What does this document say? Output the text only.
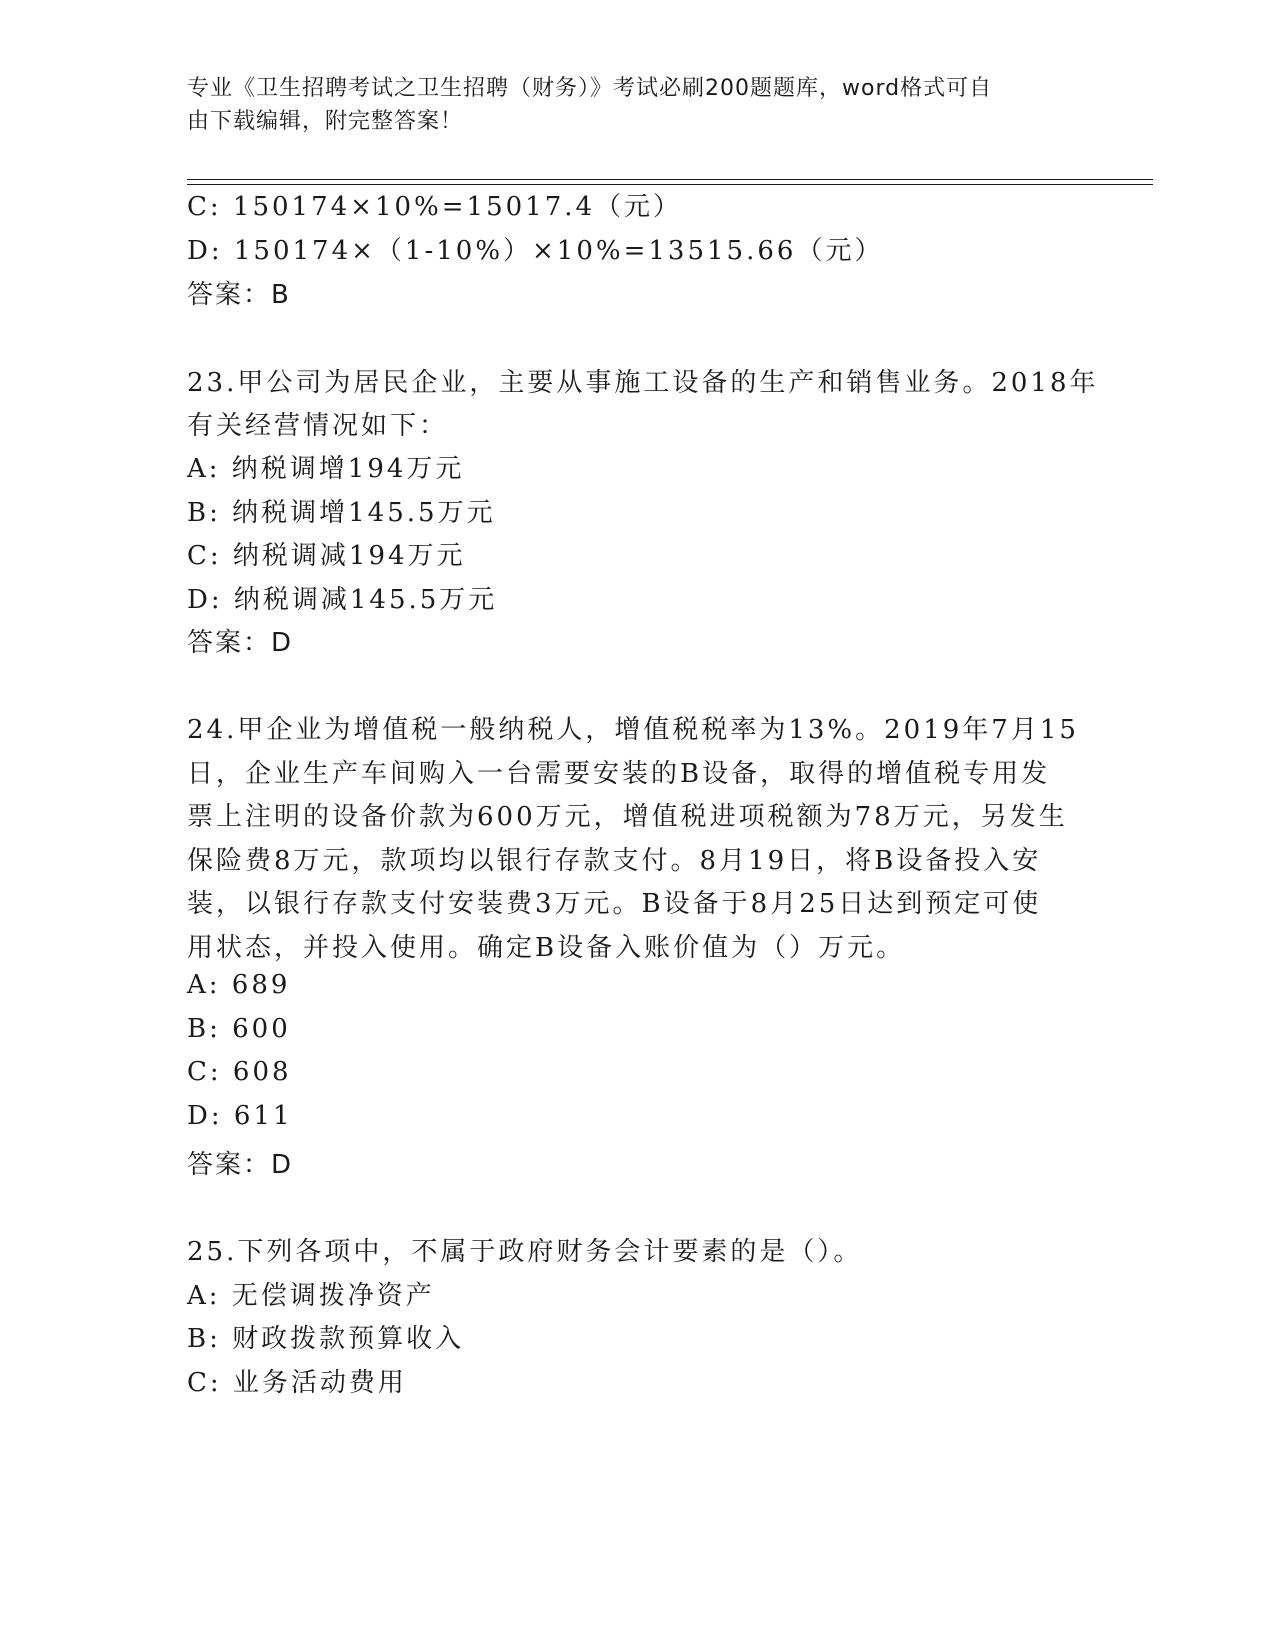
专业《卫生招聘考试之卫生招聘（财务）》考试必刷200题题库，word格式可自
由下载编辑，附完整答案！
C: 150174×10%=15017.4（元）
D: 150174×（1-10%）×10%=13515.66（元）
答案：B
23.甲公司为居民企业，主要从事施工设备的生产和销售业务。2018年
有关经营情况如下：
A: 纳税调增194万元
B: 纳税调增145.5万元
C: 纳税调减194万元
D: 纳税调减145.5万元
答案：D
24.甲企业为增值税一般纳税人，增值税税率为13%。2019年7月15
日，企业生产车间购入一台需要安装的B设备，取得的增值税专用发
票上注明的设备价款为600万元，增值税进项税额为78万元，另发生
保险费8万元，款项均以银行存款支付。8月19日，将B设备投入安
装，以银行存款支付安装费3万元。B设备于8月25日达到预定可使
用状态，并投入使用。确定B设备入账价值为（）万元。
A: 689
B: 600
C: 608
D: 611
答案：D
25.下列各项中，不属于政府财务会计要素的是（）。
A: 无偿调拨净资产
B: 财政拨款预算收入
C: 业务活动费用
